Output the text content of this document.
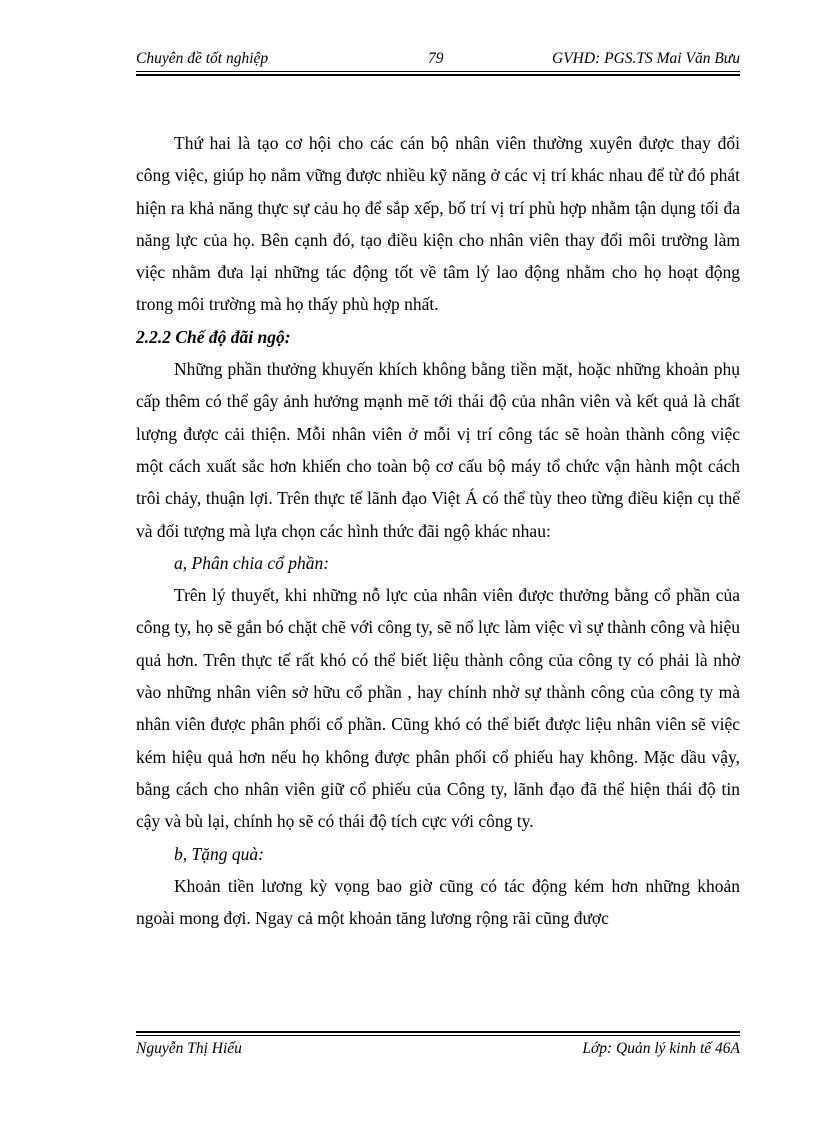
Chuyên đề tốt nghiệp	79	GVHD: PGS.TS Mai Văn Bưu

Thứ hai là tạo cơ hội cho các cán bộ nhân viên thường xuyên được thay đổi công việc, giúp họ nắm vững được nhiều kỹ năng ở các vị trí khác nhau để từ đó phát hiện ra khả năng thực sự cảu họ để sắp xếp, bố trí vị trí phù hợp nhằm tận dụng tối đa năng lực của họ. Bên cạnh đó, tạo điều kiện cho nhân viên thay đổi môi trường làm việc nhằm đưa lại những tác động tốt về tâm lý lao động nhằm cho họ hoạt động trong môi trường mà họ thấy phù hợp nhất.

2.2.2 Chế độ đãi ngộ:

Những phần thưởng khuyến khích không bằng tiền mặt, hoặc những khoản phụ cấp thêm có thể gây ảnh hưởng mạnh mẽ tới thái độ của nhân viên và kết quả là chất lượng được cải thiện. Mỗi nhân viên ở mỗi vị trí công tác sẽ hoàn thành công việc một cách xuất sắc hơn khiến cho toàn bộ cơ cấu bộ máy tổ chức vận hành một cách trôi chảy, thuận lợi. Trên thực tế lãnh đạo Việt Á có thể tùy theo từng điều kiện cụ thể và đối tượng mà lựa chọn các hình thức đãi ngộ khác nhau:

a, Phân chia cổ phần:

Trên lý thuyết, khi những nỗ lực của nhân viên được thưởng bằng cổ phần của công ty, họ sẽ gắn bó chặt chẽ với công ty, sẽ nổ lực làm việc vì sự thành công và hiệu quả hơn. Trên thực tế rất khó có thể biết liệu thành công của công ty có phải là nhờ vào những nhân viên sở hữu cổ phần , hay chính nhờ sự thành công của công ty mà nhân viên được phân phối cổ phần. Cũng khó có thể biết được liệu nhân viên sẽ việc kém hiệu quả hơn nếu họ không được phân phối cổ phiếu hay không. Mặc dầu vậy, bằng cách cho nhân viên giữ cổ phiếu của Công ty, lãnh đạo đã thể hiện thái độ tin cậy và bù lại, chính họ sẽ có thái độ tích cực với công ty.

b, Tặng quà:

Khoản tiền lương kỳ vọng bao giờ cũng có tác động kém hơn những khoản ngoài mong đợi. Ngay cả một khoản tăng lương rộng rãi cũng được

Nguyễn Thị Hiếu	Lớp: Quản lý kinh tế 46A
